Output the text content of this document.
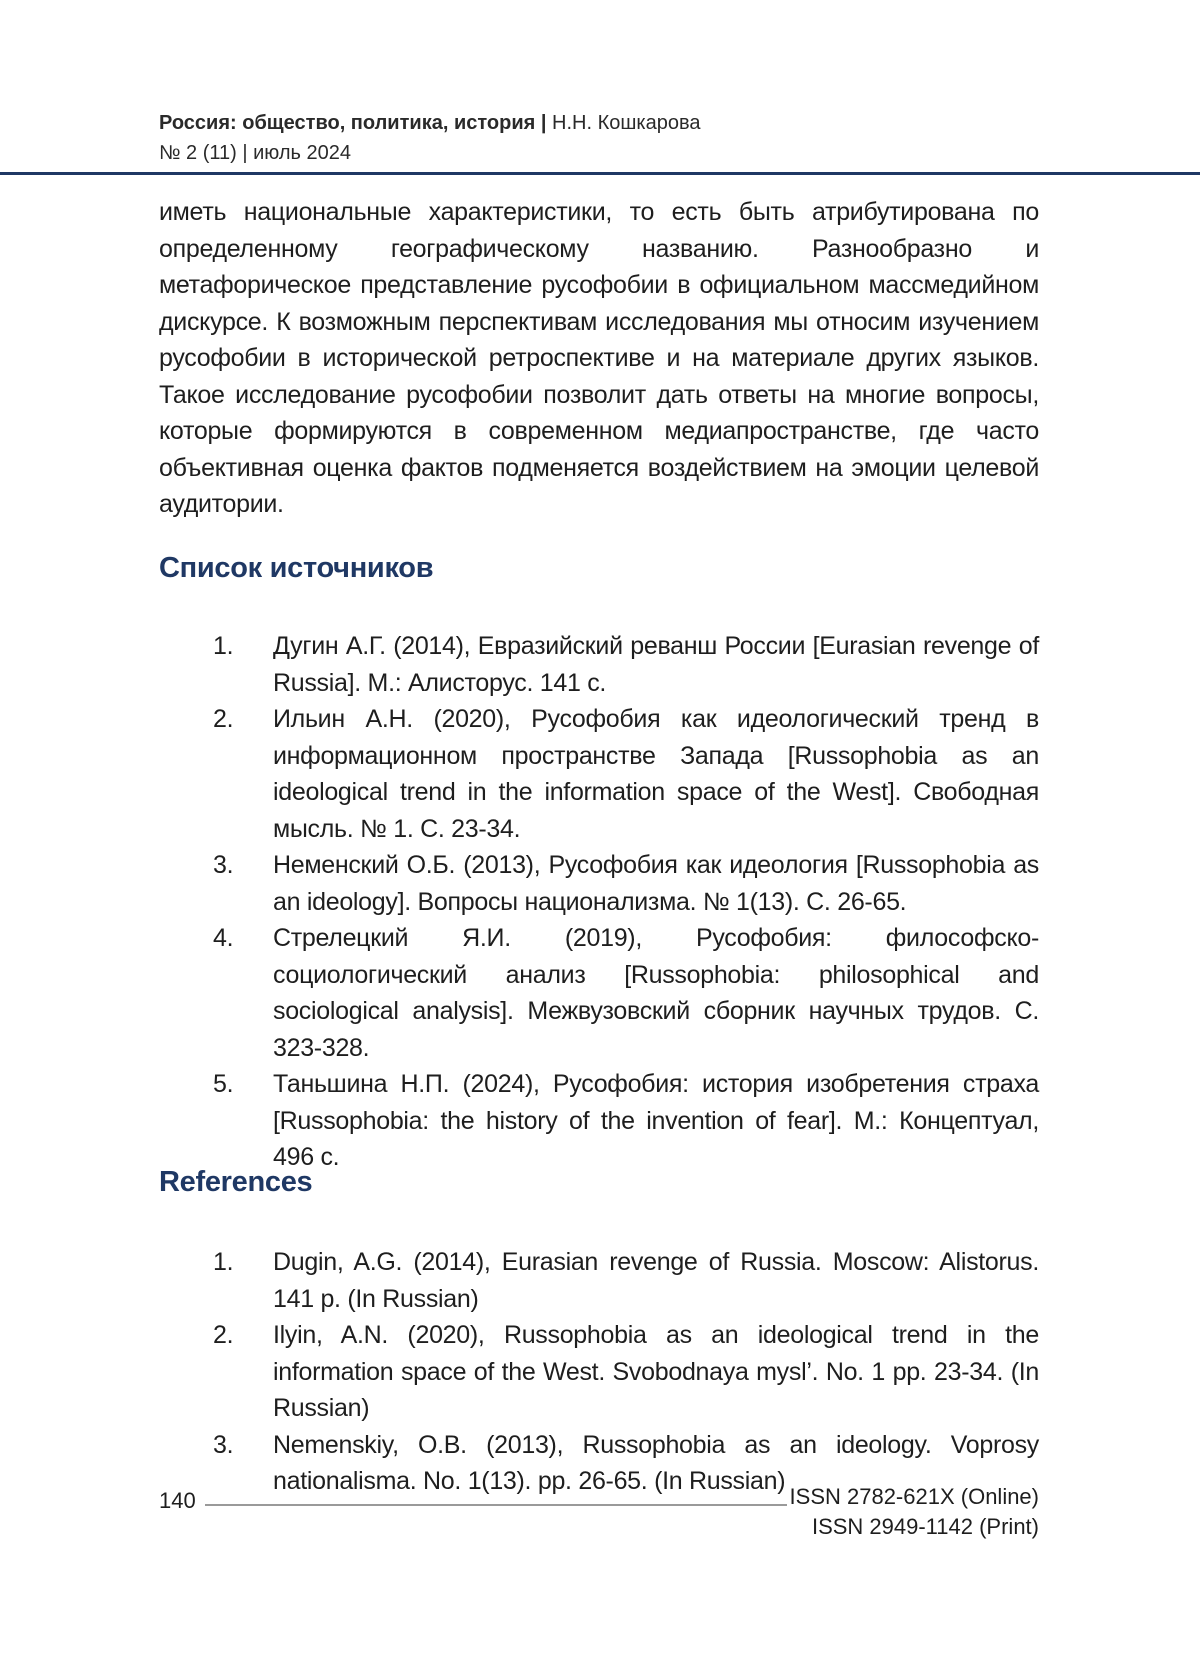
Россия: общество, политика, история | Н.Н. Кошкарова
№ 2 (11) | июль 2024

иметь национальные характеристики, то есть быть атрибутирована по определенному географическому названию. Разнообразно и метафорическое представление русофобии в официальном массмедийном дискурсе. К возможным перспективам исследования мы относим изучением русофобии в исторической ретроспективе и на материале других языков. Такое исследование русофобии позволит дать ответы на многие вопросы, которые формируются в современном медиапространстве, где часто объективная оценка фактов подменяется воздействием на эмоции целевой аудитории.

Список источников
1. Дугин А.Г. (2014), Евразийский реванш России [Eurasian revenge of Russia]. М.: Алисторус. 141 с.
2. Ильин А.Н. (2020), Русофобия как идеологический тренд в информационном пространстве Запада [Russophobia as an ideological trend in the information space of the West]. Свободная мысль. № 1. С. 23-34.
3. Неменский О.Б. (2013), Русофобия как идеология [Russophobia as an ideology]. Вопросы национализма. № 1(13). С. 26-65.
4. Стрелецкий Я.И. (2019), Русофобия: философско-социологический анализ [Russophobia: philosophical and sociological analysis]. Межвузовский сборник научных трудов. С. 323-328.
5. Таньшина Н.П. (2024), Русофобия: история изобретения страха [Russophobia: the history of the invention of fear]. М.: Концептуал, 496 с.
References
1. Dugin, A.G. (2014), Eurasian revenge of Russia. Moscow: Alistorus. 141 p. (In Russian)
2. Ilyin, A.N. (2020), Russophobia as an ideological trend in the information space of the West. Svobodnaya mysl’. No. 1 pp. 23-34. (In Russian)
3. Nemenskiy, O.B. (2013), Russophobia as an ideology. Voprosy nationalisma. No. 1(13). pp. 26-65. (In Russian)
140	ISSN 2782-621X (Online)
ISSN 2949-1142 (Print)
